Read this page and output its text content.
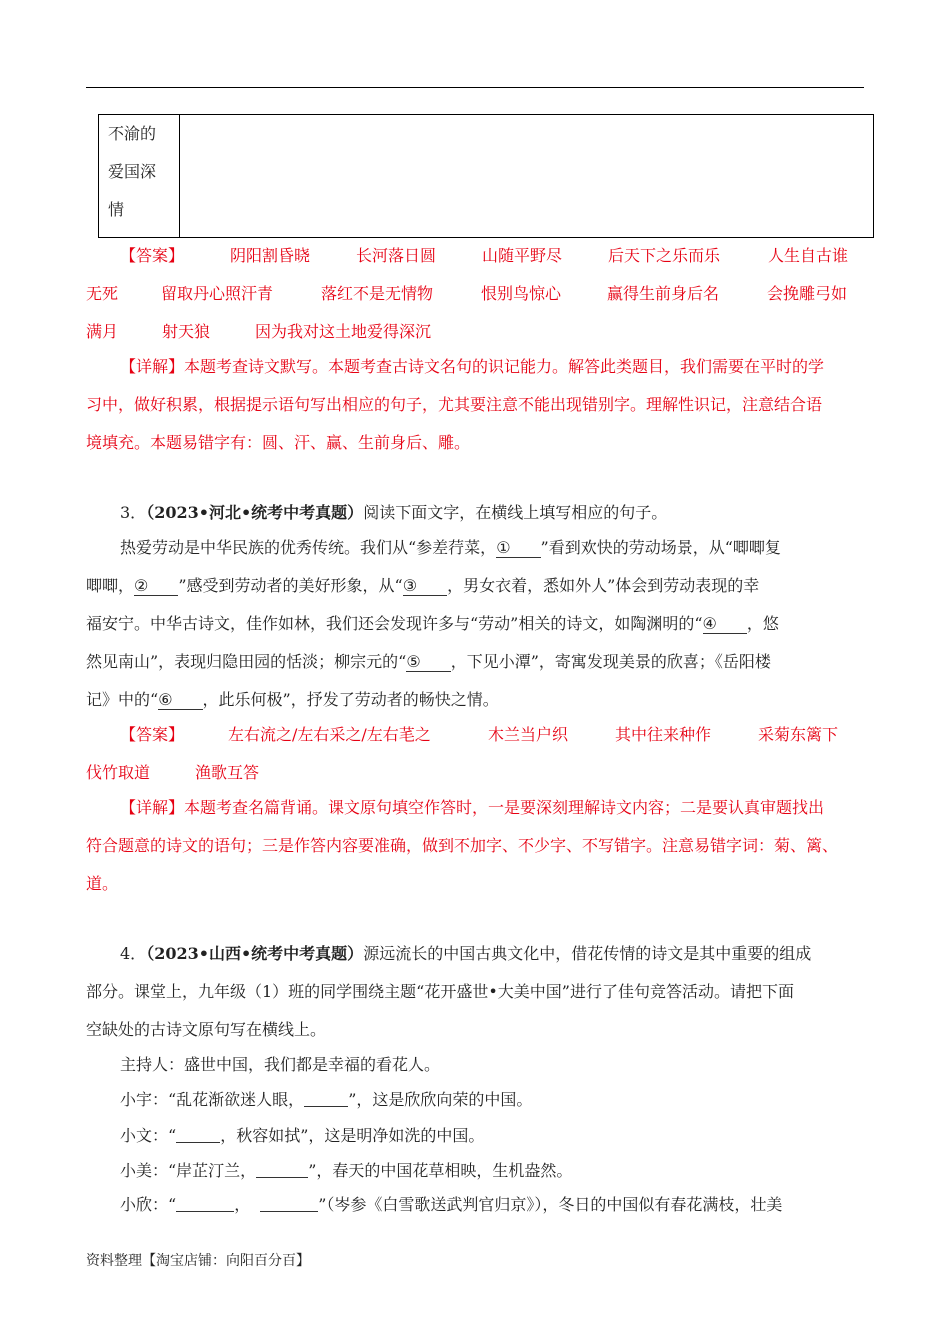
不渝的
爱国深
情

【答案】	阴阳割昏晓	长河落日圆	山随平野尽	后天下之乐而乐	人生自古谁
无死	留取丹心照汗青	落红不是无情物	恨别鸟惊心	赢得生前身后名	会挽雕弓如
满月	射天狼	因为我对这土地爱得深沉
【详解】本题考查诗文默写。本题考查古诗文名句的识记能力。解答此类题目，我们需要在平时的学
习中，做好积累，根据提示语句写出相应的句子，尤其要注意不能出现错别字。理解性识记，注意结合语
境填充。本题易错字有：圆、汗、赢、生前身后、雕。
3．（2023•河北•统考中考真题）阅读下面文字，在横线上填写相应的句子。
热爱劳动是中华民族的优秀传统。我们从“参差荇菜，① ”看到欢快的劳动场景，从“唧唧复
唧唧，② ”感受到劳动者的美好形象，从“③ ，男女衣着，悉如外人”体会到劳动表现的幸
福安宁。中华古诗文，佳作如林，我们还会发现许多与“劳动”相关的诗文，如陶渊明的“④ ，悠
然见南山”，表现归隐田园的恬淡；柳宗元的“⑤ ，下见小潭”，寄寓发现美景的欣喜；《岳阳楼
记》中的“⑥ ，此乐何极”，抒发了劳动者的畅快之情。
【答案】	左右流之/左右采之/左右芼之	木兰当户织	其中往来种作	采菊东篱下
伐竹取道	渔歌互答
【详解】本题考查名篇背诵。课文原句填空作答时，一是要深刻理解诗文内容；二是要认真审题找出
符合题意的诗文的语句；三是作答内容要准确，做到不加字、不少字、不写错字。注意易错字词：菊、篱、
道。
4．（2023•山西•统考中考真题）源远流长的中国古典文化中，借花传情的诗文是其中重要的组成
部分。课堂上，九年级（1）班的同学围绕主题“花开盛世•大美中国”进行了佳句竞答活动。请把下面
空缺处的古诗文原句写在横线上。
主持人：盛世中国，我们都是幸福的看花人。
小宇：“乱花渐欲迷人眼，	”，这是欣欣向荣的中国。
小文：“	，秋容如拭”，这是明净如洗的中国。
小美：“岸芷汀兰，	”，春天的中国花草相映，生机盎然。
小欣：“	，	”（岑参《白雪歌送武判官归京》），冬日的中国似有春花满枝，壮美
资料整理【淘宝店铺：向阳百分百】
